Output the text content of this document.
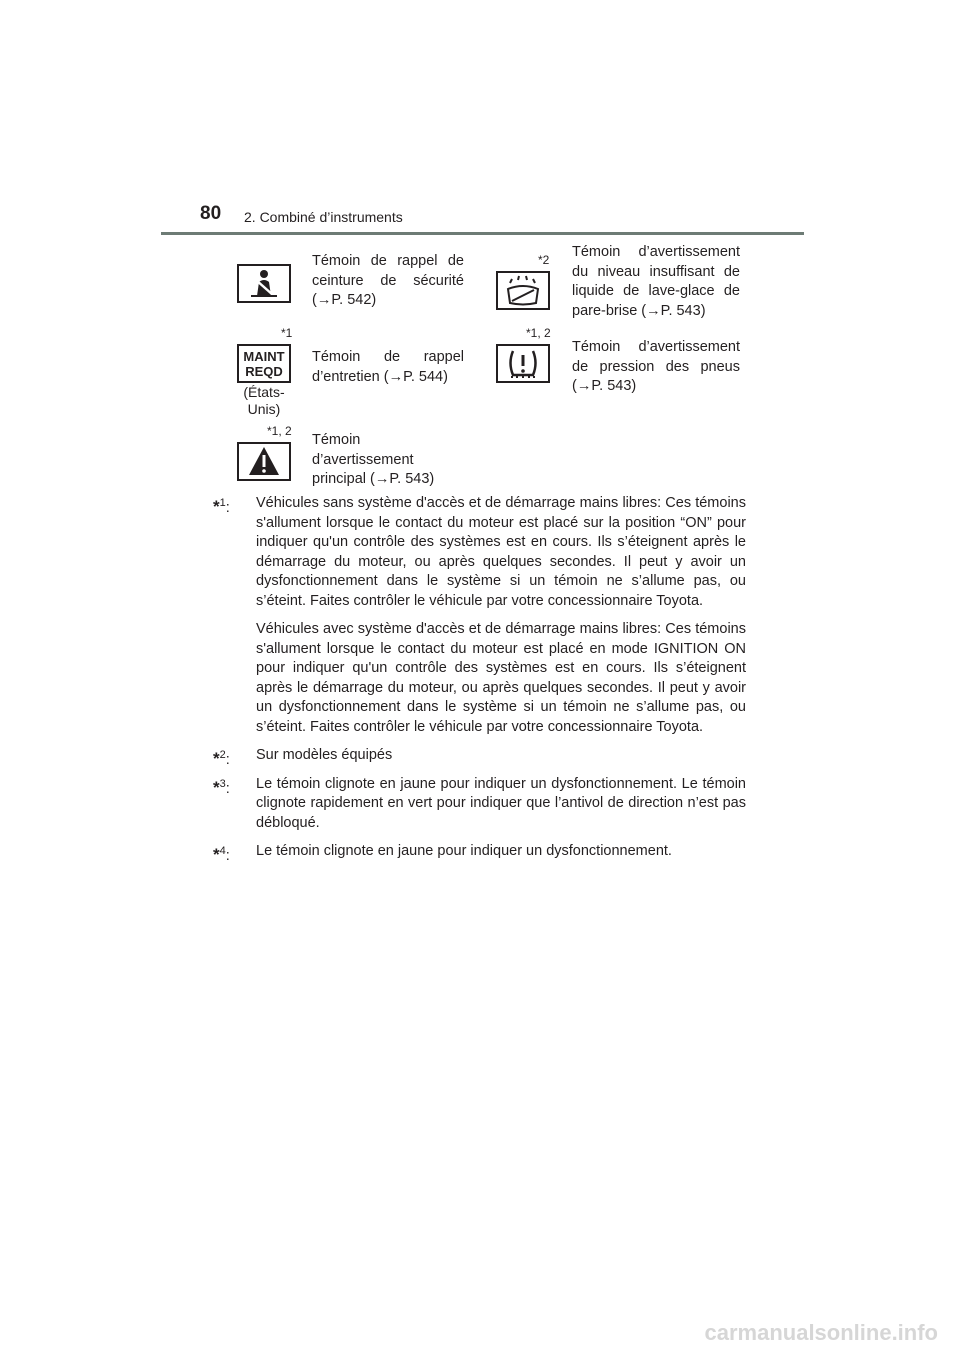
80 2. Combiné d’instruments
Témoin de rappel de ceinture de sécurité (→P. 542)
*2 Témoin d’avertissement du niveau insuffisant de liquide de lave-glace de pare-brise (→P. 543)
*1
MAINT
REQD
(États-Unis)
Témoin de rappel d’entretien (→P. 544)
*1, 2
Témoin d’avertissement de pression des pneus (→P. 543)
*1, 2
Témoin d’avertissement principal (→P. 543)
*$^1$: Véhicules sans système d'accès et de démarrage mains libres: Ces témoins s'allument lorsque le contact du moteur est placé sur la position “ON” pour indiquer qu'un contrôle des systèmes est en cours. Ils s’éteignent après le démarrage du moteur, ou après quelques secondes. Il peut y avoir un dysfonctionnement dans le système si un témoin ne s’allume pas, ou s’éteint. Faites contrôler le véhicule par votre concessionnaire Toyota.

Véhicules avec système d'accès et de démarrage mains libres: Ces témoins s'allument lorsque le contact du moteur est placé en mode IGNITION ON pour indiquer qu'un contrôle des systèmes est en cours. Ils s’éteignent après le démarrage du moteur, ou après quelques secondes. Il peut y avoir un dysfonctionnement dans le système si un témoin ne s’allume pas, ou s’éteint. Faites contrôler le véhicule par votre concessionnaire Toyota.

*$^2$: Sur modèles équipés

*$^3$: Le témoin clignote en jaune pour indiquer un dysfonctionnement. Le témoin clignote rapidement en vert pour indiquer que l’antivol de direction n’est pas débloqué.

*$^4$: Le témoin clignote en jaune pour indiquer un dysfonctionnement.

carmanualsonline.info
